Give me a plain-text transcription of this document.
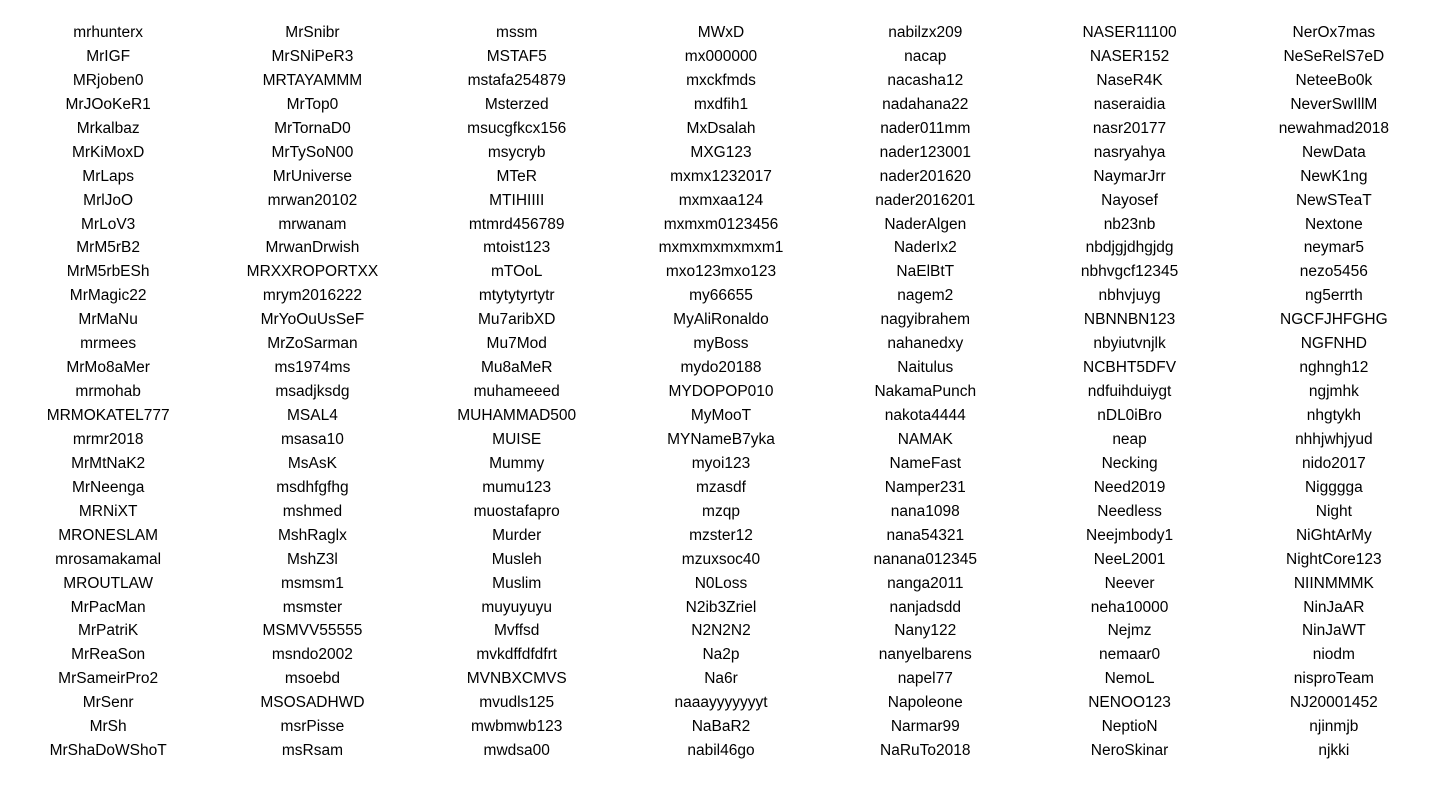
mrhunterx
MrIGF
MRjoben0
MrJOoKeR1
Mrkalbaz
MrKiMoxD
MrLaps
MrlJoO
MrLoV3
MrM5rB2
MrM5rbESh
MrMagic22
MrMaNu
mrmees
MrMo8aMer
mrmohab
MRMOKATEL777
mrmr2018
MrMtNaK2
MrNeenga
MRNiXT
MRONESLAM
mrosamakamal
MROUTLAW
MrPacMan
MrPatriK
MrReaSon
MrSameirPro2
MrSenr
MrSh
MrShaDoWShoT
MrSnibr
MrSNiPeR3
MRTAYAMMM
MrTop0
MrTornaD0
MrTySoN00
MrUniverse
mrwan20102
mrwanam
MrwanDrwish
MRXXROPORTXX
mrym2016222
MrYoOuUsSeF
MrZoSarman
ms1974ms
msadjksdg
MSAL4
msasa10
MsAsK
msdhfgfhg
mshmed
MshRaglx
MshZ3l
msmsm1
msmster
MSMVV55555
msndo2002
msoebd
MSOSADHWD
msrPisse
msRsam
mssm
MSTAF5
mstafa254879
Msterzed
msucgfkcx156
msycryb
MTeR
MTIHIIII
mtmrd456789
mtoist123
mTOoL
mtytytyrtytr
Mu7aribXD
Mu7Mod
Mu8aMeR
muhameeed
MUHAMMAD500
MUISE
Mummy
mumu123
muostafapro
Murder
Musleh
Muslim
muyuyuyu
Mvffsd
mvkdffdfdfrt
MVNBXCMVS
mvudls125
mwbmwb123
mwdsa00
MWxD
mx000000
mxckfmds
mxdfih1
MxDsalah
MXG123
mxmx1232017
mxmxaa124
mxmxm0123456
mxmxmxmxmxm1
mxo123mxo123
my66655
MyAliRonaldo
myBoss
mydo20188
MYDOPOP010
MyMooT
MYNameB7yka
myoi123
mzasdf
mzqp
mzster12
mzuxsoc40
N0Loss
N2ib3Zriel
N2N2N2
Na2p
Na6r
naaayyyyyyyt
NaBaR2
nabil46go
nabilzx209
nacap
nacasha12
nadahana22
nader011mm
nader123001
nader201620
nader2016201
NaderAlgen
NaderIx2
NaElBtT
nagem2
nagyibrahem
nahanedxy
Naitulus
NakamaPunch
nakota4444
NAMAK
NameFast
Namper231
nana1098
nana54321
nanana012345
nanga2011
nanjadsdd
Nany122
nanyelbarens
napel77
Napoleone
Narmar99
NaRuTo2018
NASER11100
NASER152
NaseR4K
naseraidia
nasr20177
nasryahya
NaymarJrr
Nayosef
nb23nb
nbdjgjdhgjdg
nbhvgcf12345
nbhvjuyg
NBNNBN123
nbyiutvnjlk
NCBHT5DFV
ndfuihduiygt
nDL0iBro
neap
Necking
Need2019
Needless
Neejmbody1
NeeL2001
Neever
neha10000
Nejmz
nemaar0
NemoL
NENOO123
NeptioN
NeroSkinar
NerOx7mas
NeSeRelS7eD
NeteeBo0k
NeverSwIllM
newahmad2018
NewData
NewK1ng
NewSTeaT
Nextone
neymar5
nezo5456
ng5errth
NGCFJHFGHG
NGFNHD
nghngh12
ngjmhk
nhgtykh
nhhjwhjyud
nido2017
Nigggga
Night
NiGhtArMy
NightCore123
NIINMMMK
NinJaAR
NinJaWT
niodm
nisproTeam
NJ20001452
njinmjb
njkki
